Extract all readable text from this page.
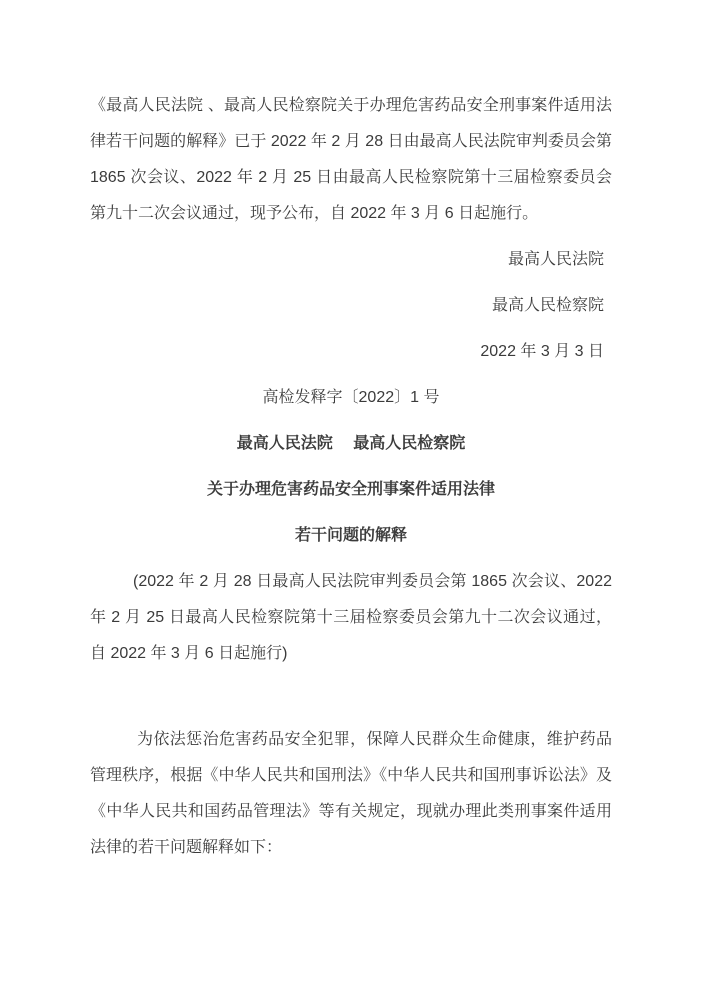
《最高人民法院 、最高人民检察院关于办理危害药品安全刑事案件适用法律若干问题的解释》已于 2022 年 2 月 28 日由最高人民法院审判委员会第 1865 次会议、2022 年 2 月 25 日由最高人民检察院第十三届检察委员会第九十二次会议通过，现予公布，自 2022 年 3 月 6 日起施行。

最高人民法院

最高人民检察院

2022 年 3 月 3 日

高检发释字〔2022〕1 号

最高人民法院　 最高人民检察院

关于办理危害药品安全刑事案件适用法律

若干问题的解释

(2022 年 2 月 28 日最高人民法院审判委员会第 1865 次会议、2022 年 2 月 25 日最高人民检察院第十三届检察委员会第九十二次会议通过，自 2022 年 3 月 6 日起施行)

为依法惩治危害药品安全犯罪，保障人民群众生命健康，维护药品管理秩序，根据《中华人民共和国刑法》《中华人民共和国刑事诉讼法》及《中华人民共和国药品管理法》等有关规定，现就办理此类刑事案件适用法律的若干问题解释如下：
